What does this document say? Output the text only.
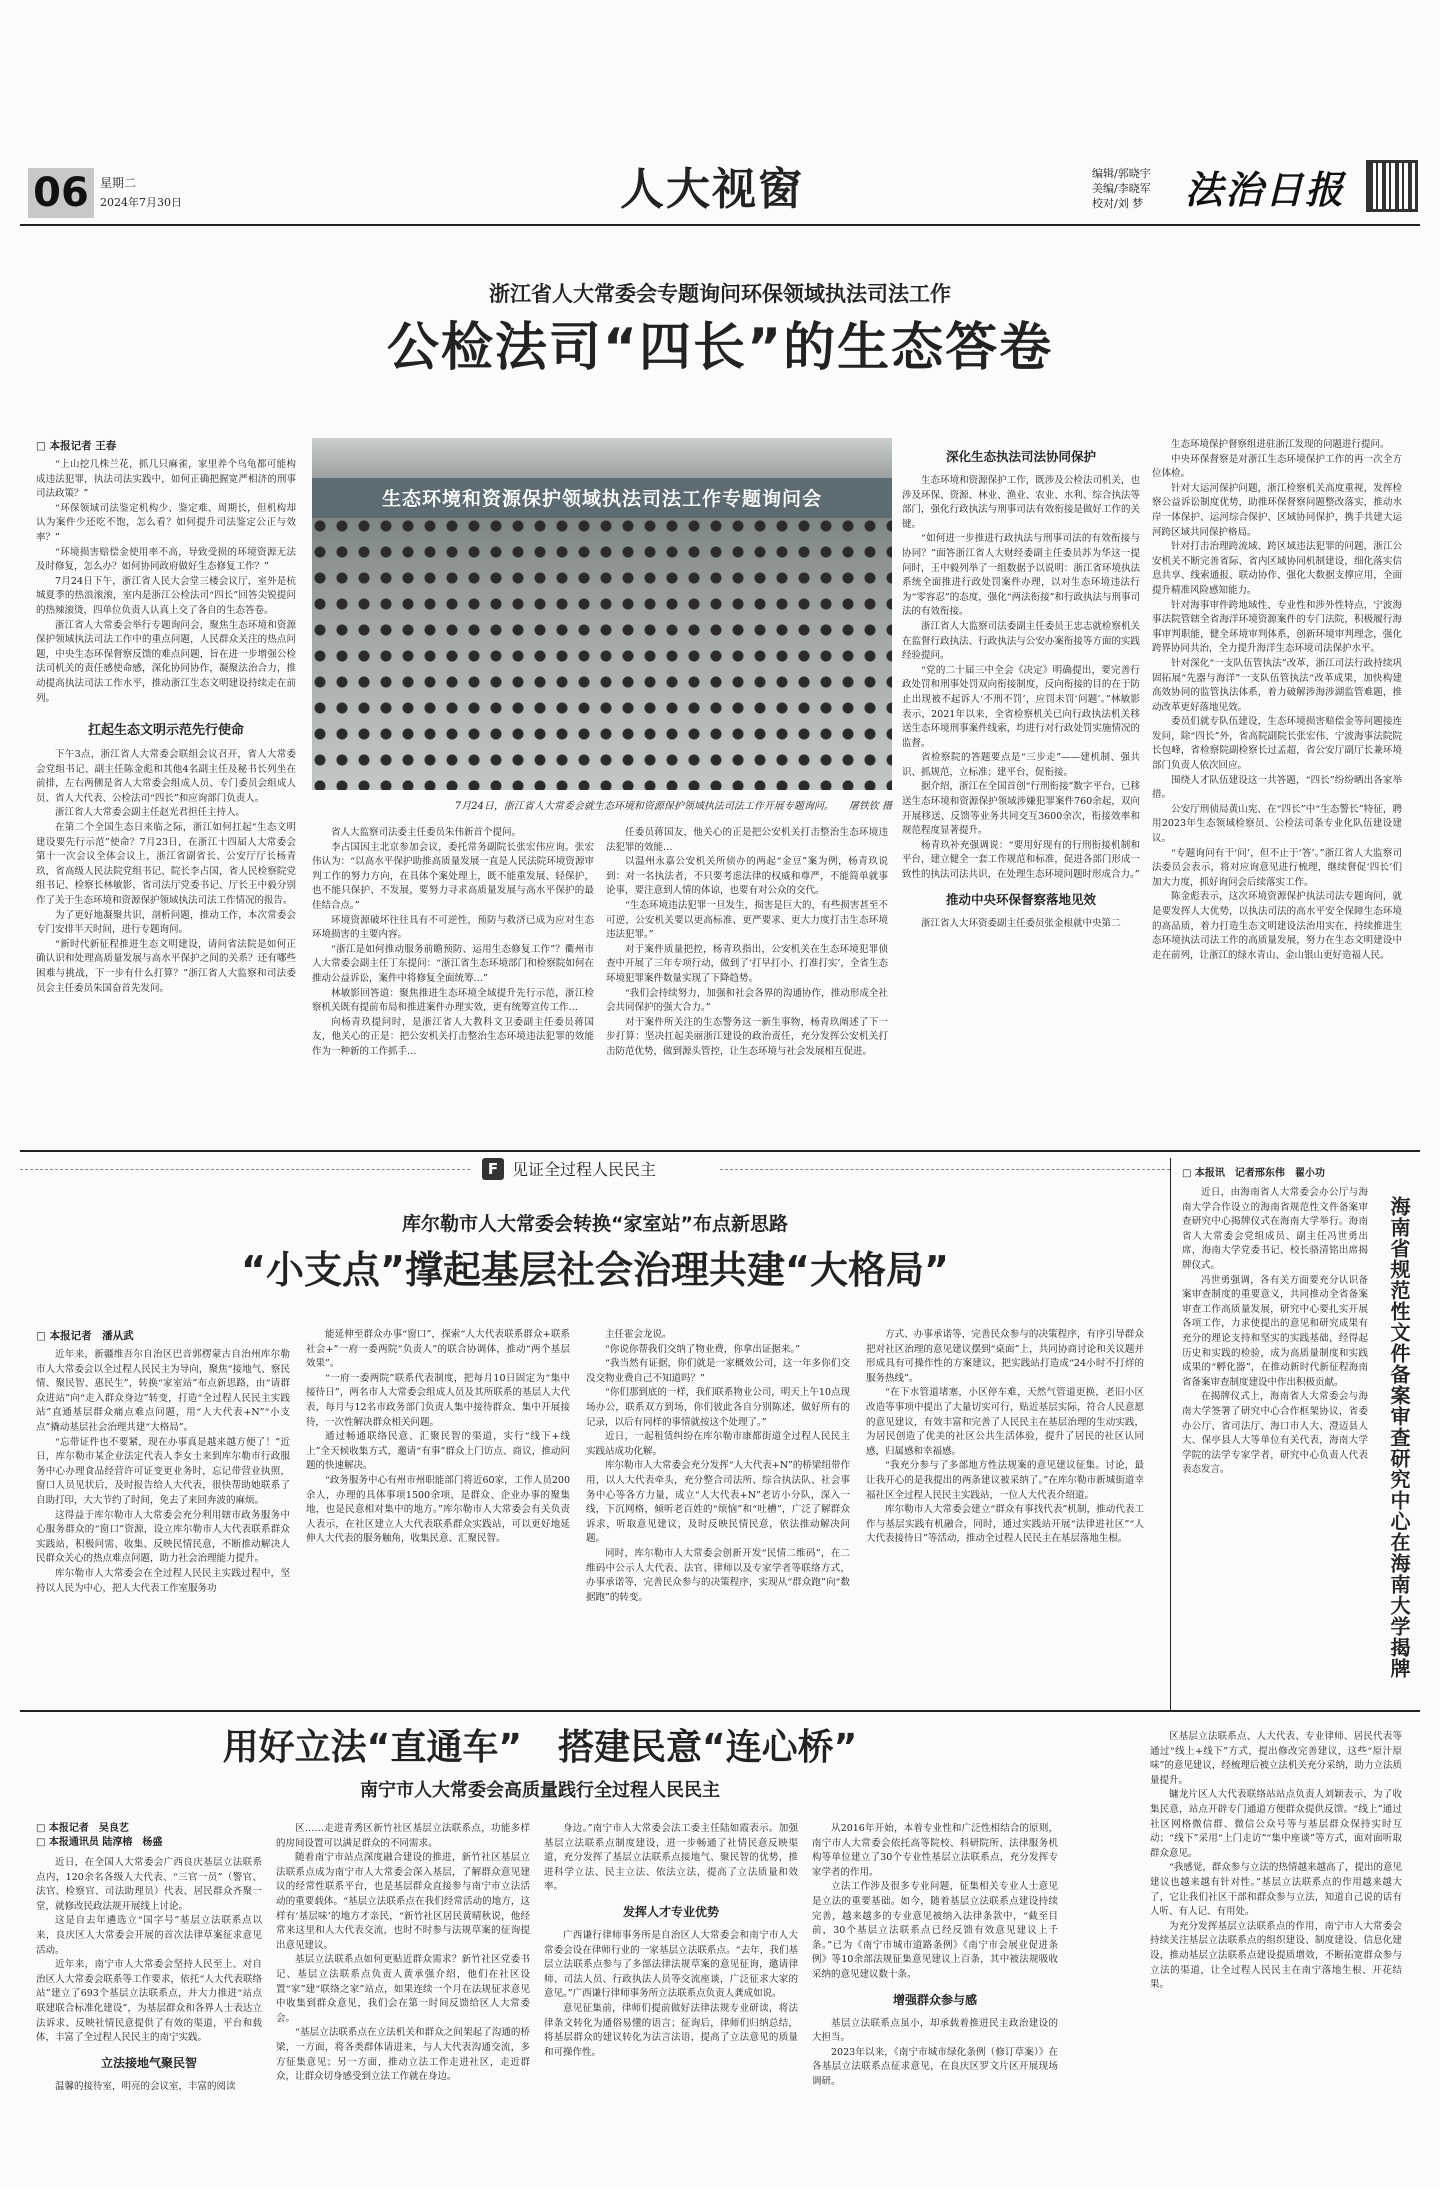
06 星期二
2024年7月30日	人大视窗	编辑/郭晓宇
美编/李晓军
校对/刘 梦 法治日报
浙江省人大常委会专题询问环保领域执法司法工作
公检法司“四长”的生态答卷
□ 本报记者 王春

“上山挖几株兰花，抓几只麻雀，家里养个乌龟都可能构成违法犯罪，执法司法实践中，如何正确把握宽严相济的刑事司法政策？”

“环保领域司法鉴定机构少、鉴定难、周期长，但机构却认为案件少还吃不饱，怎么看？如何提升司法鉴定公正与效率？”

“环境损害赔偿金使用率不高，导致受损的环境资源无法及时修复，怎么办？如何协同政府做好生态修复工作？”

7月24日下午，浙江省人民大会堂三楼会议厅，室外是杭城夏季的热浪滚滚，室内是浙江公检法司“四长”回答尖锐提问的热辣滚烫，四单位负责人认真上交了各自的生态答卷。

浙江省人大常委会举行专题询问会，聚焦生态环境和资源保护领域执法司法工作中的重点问题，人民群众关注的热点问题，中央生态环保督察反馈的难点问题，旨在进一步增强公检法司机关的责任感使命感，深化协同协作，凝聚法治合力，推动提高执法司法工作水平，推动浙江生态文明建设持续走在前列。

扛起生态文明示范先行使命

下午3点，浙江省人大常委会联组会议召开，省人大常委会党组书记、副主任陈金彪和其他4名副主任及秘书长列坐在前排，左右两侧是省人大常委会组成人员、专门委员会组成人员、省人大代表、公检法司“四长”和应询部门负责人。

浙江省人大常委会副主任赵光君担任主持人。

在第二个全国生态日来临之际，浙江如何扛起“生态文明建设要先行示范”使命？7月23日，在浙江十四届人大常委会第十一次会议全体会议上，浙江省副省长、公安厅厅长杨青玖，省高级人民法院党组书记、院长李占国，省人民检察院党组书记、检察长林敏影，省司法厅党委书记、厅长王中毅分别作了关于生态环境和资源保护领域执法司法工作情况的报告。

为了更好地凝聚共识，剖析问题，推动工作，本次常委会专门安排半天时间，进行专题询问。

“新时代新征程推进生态文明建设，请问省法院是如何正确认识和处理高质量发展与高水平保护之间的关系？还有哪些困难与挑战，下一步有什么打算？”浙江省人大监察和司法委员会主任委员朱国奋首先发问。

生态环境和资源保护领域执法司法工作专题询问会
7月24日，浙江省人大常委会就生态环境和资源保护领域执法司法工作开展专题询问。　　屠铁钦 摄

省人大监察司法委主任委员朱伟新首个提问。

李占国因主北京参加会议，委托常务副院长张宏伟应询。张宏伟认为：“以高水平保护助推高质量发展一直是人民法院环境资源审判工作的努力方向，在具体个案处理上，既不能重发展、轻保护，也不能只保护、不发展，要努力寻求高质量发展与高水平保护的最佳结合点。”

环境资源破坏往往具有不可逆性，预防与救济已成为应对生态环境损害的主要内容。

“浙江是如何推动服务前瞻预防、运用生态修复工作”？衢州市人大常委会副主任丁东提问：“浙江省生态环境部门和检察院如何在推动公益诉讼，案件中将修复全面统筹…”

林敏影回答道：聚焦推进生态环境全域提升先行示范，浙江检察机关既有提前布局和推进案件办理实效，更有统筹宣传工作…

向杨青玖提问时，是浙江省人大教科文卫委副主任委员蒋国友，他关心的正是：把公安机关打击整治生态环境违法犯罪的效能作为一种新的工作抓手…

任委员蒋国友，他关心的正是把公安机关打击整治生态环境违法犯罪的效能…

以温州永嘉公安机关所侦办的两起“金豆”案为例，杨青玖说到：对一名执法者，不只要考虑法律的权威和尊严，不能简单就事论事，要注意到人情的体谅，也要有对公众的交代。

“生态环境违法犯罪一旦发生，损害是巨大的，有些损害甚至不可逆，公安机关要以更高标准、更严要求、更大力度打击生态环境违法犯罪。”

对于案件质量把控，杨青玖指出，公安机关在生态环境犯罪侦查中开展了三年专项行动，做到了‘打早打小、打准打实’，全省生态环境犯罪案件数量实现了下降趋势。

“我们会持续努力，加强和社会各界的沟通协作，推动形成全社会共同保护的强大合力。”

对于案件所关注的生态警务这一新生事物，杨青玖阐述了下一步打算：坚决扛起美丽浙江建设的政治责任，充分发挥公安机关打击防范优势，做到源头管控，让生态环境与社会发展相互促进。

深化生态执法司法协同保护

生态环境和资源保护工作，既涉及公检法司机关，也涉及环保、资源、林业、渔业、农业、水利、综合执法等部门，强化行政执法与刑事司法有效衔接是做好工作的关键。

“如何进一步推进行政执法与刑事司法的有效衔接与协同？”面答浙江省人大财经委副主任委员苏为华这一提问时，王中毅列举了一组数据予以说明：浙江省环境执法系统全面推进行政处罚案件办理，以对生态环境违法行为“零容忍”的态度，强化“两法衔接”和行政执法与刑事司法的有效衔接。

浙江省人大监察司法委副主任委员王忠志就检察机关在监督行政执法、行政执法与公安办案衔接等方面的实践经验提问。

“党的二十届三中全会《决定》明确提出，要完善行政处罚和刑事处罚双向衔接制度，反向衔接的目的在于防止出现被不起诉人‘不刑不罚’，应罚未罚‘问题’。”林敏影表示，2021年以来，全省检察机关已向行政执法机关移送生态环境刑事案件线索，均进行对行政处罚实施情况的监督。

省检察院的答题要点是“三步走”——建机制、强共识、抓规范，立标准；建平台，促衔接。

据介绍，浙江在全国首创“行刑衔接”数字平台，已移送生态环境和资源保护领域涉嫌犯罪案件760余起，双向开展移送、反馈等业务共同交互3600余次，衔接效率和规范程度显著提升。

杨青玖补充强调说：“要用好现有的行刑衔接机制和平台，建立健全一套工作规范和标准，促进各部门形成一致性的执法司法共识，在处理生态环境问题时形成合力。”

推动中央环保督察落地见效

浙江省人大环资委副主任委员张金根就中央第二

生态环境保护督察组进驻浙江发现的问题进行提问。

中央环保督察是对浙江生态环境保护工作的再一次全方位体检。

针对大运河保护问题，浙江检察机关高度重视，发挥检察公益诉讼制度优势，助推环保督察问题整改落实，推动水岸一体保护、运河综合保护、区域协同保护，携手共建大运河跨区域共同保护格局。

针对打击治理跨流域、跨区域违法犯罪的问题，浙江公安机关不断完善省际、省内区域协同机制建设，细化落实信息共享、线索通报、联动协作、强化大数据支撑应用，全面提升精准风险感知能力。

针对海事审件跨地域性、专业性和涉外性特点，宁波海事法院管辖全省海洋环境资源案件的专门法院，积极履行海事审判职能，健全环境审判体系，创新环境审判理念，强化跨界协同共治，全力提升海洋生态环境司法保护水平。

针对深化“一支队伍管执法”改革，浙江司法行政持续巩固拓展“先器与海洋”一支队伍管执法“改革成果，加快构建高效协同的监管执法体系，着力破解涉海涉湖监管难题，推动改革更好落地见效。

委员们就专队伍建设，生态环境损害赔偿金等问题接连发问，除“四长”外，省高院副院长张宏伟、宁波海事法院院长包峰，省检察院副检察长过孟超，省公安厅副厅长兼环境部门负责人依次回应。

围绕人才队伍建设这一共答题，“四长”纷纷晒出各家举措。

公安厅刑侦局黄山宪、在“四长”中“生态警长”特征，聘用2023年生态领域检察员、公检法司条专业化队伍建设建议。

“专题询问有干‘问’，但不止于‘答’。”浙江省人大监察司法委员会表示，将对应询意见进行梳理，继续督促‘四长’们加大力度，抓好询问会后续落实工作。

陈金彪表示，这次环境资源保护执法司法专题询问，就是要发挥人大优势，以执法司法的高水平安全保障生态环境的高品质，着力打造生态文明建设法治用实在，持续推进生态环境执法司法工作的高质量发展，努力在生态文明建设中走在前列，让浙江的绿水青山、金山银山更好造福人民。

F 见证全过程人民民主
库尔勒市人大常委会转换“家室站”布点新思路
“小支点”撑起基层社会治理共建“大格局”
□ 本报记者　潘从武

近年来，新疆维吾尔自治区巴音郭楞蒙古自治州库尔勒市人大常委会以全过程人民民主为导向，聚焦“接地气、察民情、聚民智、惠民生”，转换“家室站”布点新思路，由“请群众进站”向“走入群众身边”转变，打造“全过程人民民主实践站”直通基层群众痛点难点问题，用“人大代表+N”“小支点”撬动基层社会治理共建“大格局”。

“忘带证件也不要紧，现在办事真是越来越方便了！”近日，库尔勒市某企业法定代表人李女士来到库尔勒市行政服务中心办理食品经营许可证变更业务时，忘记带营业执照，窗口人员见状后，及时报告给人大代表，很快帮助她联系了自助打印，大大节约了时间，免去了来回奔波的麻烦。

这得益于库尔勒市人大常委会充分利用辖市政务服务中心服务群众的“窗口”资源，设立库尔勒市人大代表联系群众实践站，积极问需、收集、反映民情民意，不断推动解决人民群众关心的热点难点问题，助力社会治理能力提升。

库尔勒市人大常委会在全过程人民民主实践过程中，坚持以人民为中心，把人大代表工作室服务功

能延伸至群众办事“窗口”，探索“人大代表联系群众+联系社会+”一府一委两院“负责人”的联合协调体，推动“两个基层效果”。

“一府一委两院”联系代表制度，把每月10日固定为“集中接待日”，两名市人大常委会组成人员及其所联系的基层人大代表，每月与12名市政务部门负责人集中接待群众、集中开展接待，一次性解决群众相关问题。

通过畅通联络民意、汇聚民智的渠道，实行“线下+线上”全天候收集方式，邀请“有事”群众上门访点、商议，推动问题的快速解决。

“政务服务中心有州市州职能部门将近60家，工作人员200余人，办理的具体事项1500余项，是群众、企业办事的聚集地，也是民意相对集中的地方。”库尔勒市人大常委会有关负责人表示，在社区建立人大代表联系群众实践站，可以更好地延伸人大代表的服务触角，收集民意、汇聚民智。

主任霍会龙说。

“你说你帮我们交纳了物业费，你拿出证据来。”

“我当然有证据，你们就是一家概效公司，这一年多你们交没交物业费自己不知道吗？”

“你们那到底的一样，我们联系物业公司，明天上午10点现场办公，联系双方到场，你们彼此各自分别陈述，做好所有的记录，以后有同样的事情就按这个处理了。”

近日，一起租赁纠纷在库尔勒市康都街道全过程人民民主实践站成功化解。

库尔勒市人大常委会充分发挥“人大代表+N”的桥梁纽带作用，以人大代表牵头，充分整合司法所、综合执法队、社会事务中心等各方力量，成立“人大代表+N”老访小分队，深入一线，下沉网格，倾听老百姓的“烦恼”和“吐槽”，广泛了解群众诉求，听取意见建议，及时反映民情民意，依法推动解决问题。

同时，库尔勒市人大常委会创新开发“民情二维码”，在二维码中公示人大代表、法官、律师以及专家学者等联络方式，办事承诺等，完善民众参与的决策程序，实现从“群众跑”向“数据跑”的转变。

方式、办事承诺等，完善民众参与的决策程序，有序引导群众把对社区治理的意见建议摆到“桌面”上，共同协商讨论和关议题并形成具有可操作性的方案建议，把实践站打造成“24小时不打烊的服务热线”。

“在下水管道堵塞，小区停车难，天然气管道更换，老旧小区改造等事项中提出了大量切实可行，贴近基层实际，符合人民意愿的意见建议，有效丰富和完善了人民民主在基层治理的生动实践，为居民创造了优美的社区公共生活体验，提升了居民的社区认同感，归属感和幸福感。

“我充分参与了多部地方性法规案的意见建议征集。讨论，最让我开心的是我提出的两条建议被采纳了。”在库尔勒市新城街道幸福社区全过程人民民主实践站，一位人大代表介绍道。

库尔勒市人大常委会建立“群众有事找代表”机制，推动代表工作与基层实践有机融合，同时，通过实践站开展“法律进社区”“人大代表接待日”等活动，推动全过程人民民主在基层落地生根。

□ 本报讯　记者邢东伟　翟小功

近日，由海南省人大常委会办公厅与海南大学合作设立的海南省规范性文件备案审查研究中心揭牌仪式在海南大学举行。海南省人大常委会党组成员、副主任冯世勇出席，海南大学党委书记、校长骆清铭出席揭牌仪式。

冯世勇强调，各有关方面要充分认识备案审查制度的重要意义，共同推动全省备案审查工作高质量发展，研究中心要扎实开展各项工作，力求使提出的意见和研究成果有充分的理论支持和坚实的实践基础，经得起历史和实践的检验，成为高质量制度和实践成果的“孵化器”，在推动新时代新征程海南省备案审查制度建设中作出积极贡献。

在揭牌仪式上，海南省人大常委会与海南大学签署了研究中心合作框架协议，省委办公厅、省司法厅、海口市人大、澄迈县人大、保亭县人大等单位有关代表，海南大学学院的法学专家学者，研究中心负责人代表表态发言。	海南省规范性文件备案审查研究中心在海南大学揭牌
用好立法“直通车”　搭建民意“连心桥”
南宁市人大常委会高质量践行全过程人民民主
□ 本报记者　吴良艺
□ 本报通讯员 陆淳榕　杨盛

近日，在全国人大常委会广西良庆基层立法联系点内，120余名各级人大代表、“三官一员”（警官、法官、检察官、司法助理员）代表、居民群众齐聚一堂，就修改民政法规开展线上讨论。

这是自去年遴选立“国字号”基层立法联系点以来，良庆区人大常委会开展的首次法律草案征求意见活动。

近年来，南宁市人大常委会坚持人民至上、对自治区人大常委会联系等工作要求，依托“人大代表联络站”建立了693个基层立法联系点，并大力推进“站点联建联合标准化建设”，为基层群众和各界人士表达立法诉求、反映社情民意提供了有效的渠道，平台和载体，丰富了全过程人民民主的南宁实践。

立法接地气聚民智

温馨的接待室，明亮的会议室，丰富的阅读

区……走进青秀区新竹社区基层立法联系点，功能多样的房间设置可以满足群众的不同需求。

随着南宁市站点深度融合建设的推进，新竹社区基层立法联系点成为南宁市人大常委会深入基层，了解群众意见建议的经常性联系平台，也是基层群众直接参与南宁市立法活动的重要载体。“基层立法联系点在我们经常活动的地方，这样有‘基层味’的地方才亲民，“新竹社区居民黄晴秋说，他经常来这里和人大代表交流，也时不时参与法规草案的征询提出意见建议。

基层立法联系点如何更贴近群众需求？新竹社区党委书记、基层立法联系点负责人黄承强介绍，他们在社区设置“家”建“联络之家”站点，如果连续一个月在法规征求意见中收集到群众意见，我们会在第一时间反馈给区人大常委会。

“基层立法联系点在立法机关和群众之间架起了沟通的桥梁，一方面，将各类群体请进来，与人大代表沟通交流，多方征集意见；另一方面，推动立法工作走进社区，走近群众，让群众切身感受到立法工作就在身边。

身边。”南宁市人大常委会法工委主任陆如霞表示。加强基层立法联系点制度建设，进一步畅通了社情民意反映渠道，充分发挥了基层立法联系点接地气、聚民智的优势，推进科学立法、民主立法、依法立法，提高了立法质量和效率。

发挥人才专业优势

广西谦行律师事务所是自治区人大常委会和南宁市人大常委会设在律师行业的一家基层立法联系点。“去年，我们基层立法联系点参与了多部法律法规草案的意见征询，邀请律师、司法人员、行政执法人员等交流座谈，广泛征求大家的意见。”广西谦行律师事务所立法联系点负责人龚成如说。

意见征集前，律师们提前做好法律法规专业研读，将法律条文转化为通俗易懂的语言；征询后，律师们归纳总结，将基层群众的建议转化为法言法语，提高了立法意见的质量和可操作性。

从2016年开始，本着专业性和广泛性相结合的原则，南宁市人大常委会依托高等院校、科研院所、法律服务机构等单位建立了30个专业性基层立法联系点，充分发挥专家学者的作用。

立法工作涉及很多专业问题，征集相关专业人士意见是立法的重要基础。如今，随着基层立法联系点建设持续完善，越来越多的专业意见被纳入法律条款中，“截至目前，30个基层立法联系点已经反馈有效意见建议上千条。”已为《南宁市城市道路条例》《南宁市会展业促进条例》等10余部法规征集意见建议上百条，其中被法规吸收采纳的意见建议数十条。

增强群众参与感

基层立法联系点虽小，却承载着推进民主政治建设的大担当。

2023年以来，《南宁市城市绿化条例（修订草案）》在各基层立法联系点征求意见，在良庆区罗文片区开展现场调研。

区基层立法联系点、人大代表、专业律师、居民代表等通过“线上+线下”方式，提出修改完善建议，这些“原汁原味”的意见建议，经梳理后被立法机关充分采纳，助力立法质量提升。

镛龙片区人大代表联络站站点负责人刘颖表示，为了收集民意，站点开辟专门通道方便群众提供反馈。“线上”通过社区网格微信群、微信公众号等与基层群众保持实时互动；“线下”采用“上门走访”“集中座谈”等方式，面对面听取群众意见。

“我感觉，群众参与立法的热情越来越高了，提出的意见建议也越来越有针对性。”基层立法联系点的作用越来越大了，它让我们社区干部和群众参与立法，知道自己说的话有人听、有人记、有用处。

为充分发挥基层立法联系点的作用，南宁市人大常委会持续关注基层立法联系点的组织建设、制度建设、信息化建设，推动基层立法联系点建设提质增效，不断拓宽群众参与立法的渠道，让全过程人民民主在南宁落地生根、开花结果。
